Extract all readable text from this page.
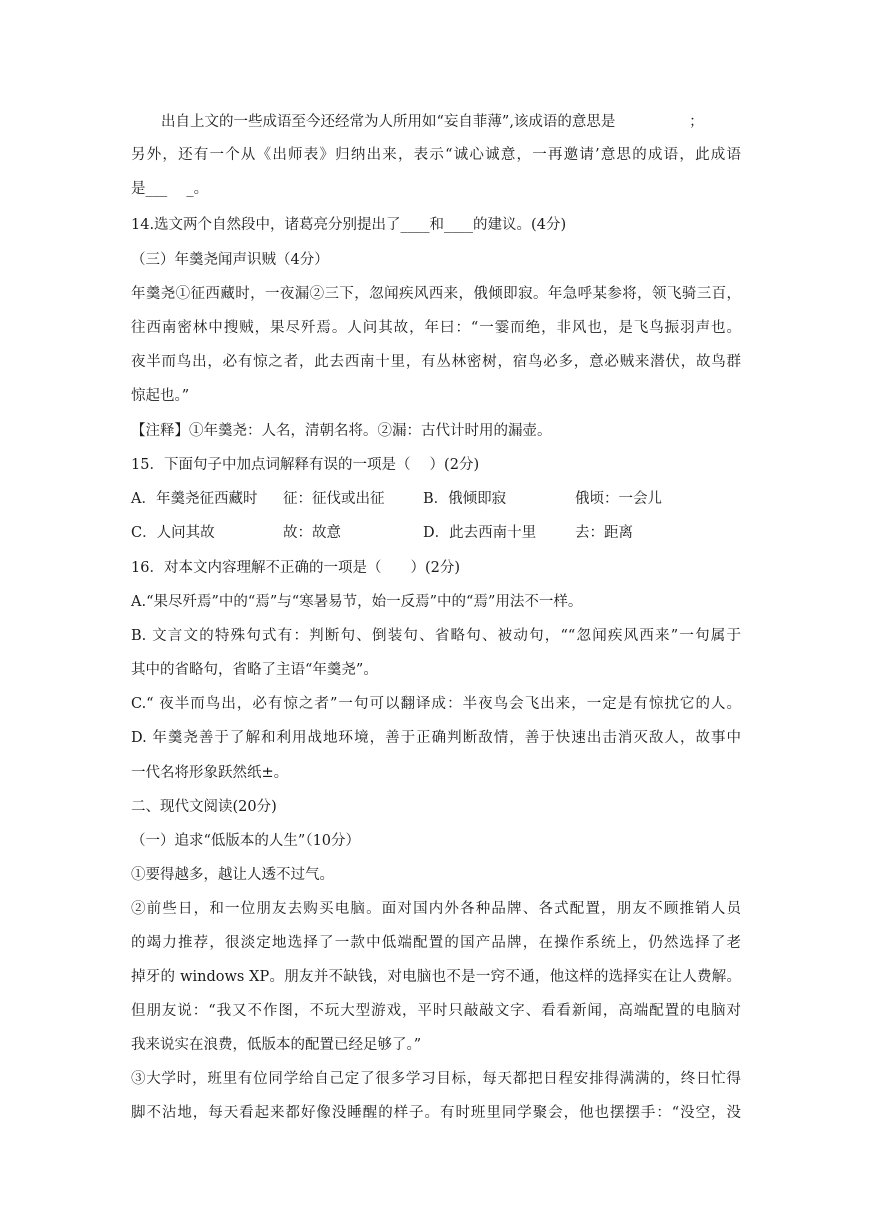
出自上文的一些成语至今还经常为人所用如“妄自菲薄”,该成语的意思是                ；
另外，还有一个从《出师表》归纳出来，表示“诚心诚意，一再邀请’意思的成语，此成语
是___　 _。
14.选文两个自然段中，诸葛亮分别提出了____和____的建议。(4分)
（三）年羹尧闻声识贼（4分）
年羹尧①征西藏时，一夜漏②三下，忽闻疾风西来，俄倾即寂。年急呼某参将，领飞骑三百，
往西南密林中搜贼，果尽歼焉。人问其故，年曰：“一霎而绝，非风也，是飞鸟振羽声也。
夜半而鸟出，必有惊之者，此去西南十里，有丛林密树，宿鸟必多，意必贼来潜伏，故鸟群
惊起也。”
【注释】①年羹尧：人名，清朝名将。②漏：古代计时用的漏壶。
15．下面句子中加点词解释有误的一项是（　 ）(2分)
A．年羹尧征西藏时 征：征伐或出征	B．俄倾即寂	俄顷：一会儿
C．人问其故	故：故意	D．此去西南十里	去：距离
16．对本文内容理解不正确的一项是（　　）(2分)
A.“果尽歼焉”中的“焉”与“寒暑易节，始一反焉”中的“焉”用法不一样。
B. 文言文的特殊句式有：判断句、倒装句、省略句、被动句，““忽闻疾风西来”一句属于
其中的省略句，省略了主语“年羹尧”。
C.“ 夜半而鸟出，必有惊之者”一句可以翻译成：半夜鸟会飞出来，一定是有惊扰它的人。
D. 年羹尧善于了解和利用战地环境，善于正确判断敌情，善于快速出击消灭敌人，故事中
一代名将形象跃然纸±。
二、现代文阅读(20分)
（一）追求“低版本的人生”（10分）
①要得越多，越让人透不过气。
②前些日，和一位朋友去购买电脑。面对国内外各种品牌、各式配置，朋友不顾推销人员
的竭力推荐，很淡定地选择了一款中低端配置的国产品牌，在操作系统上，仍然选择了老
掉牙的 windows XP。朋友并不缺钱，对电脑也不是一窍不通，他这样的选择实在让人费解。
但朋友说：“我又不作图，不玩大型游戏，平时只敲敲文字、看看新闻，高端配置的电脑对
我来说实在浪费，低版本的配置已经足够了。”
③大学时，班里有位同学给自己定了很多学习目标，每天都把日程安排得满满的，终日忙得
脚不沾地，每天看起来都好像没睡醒的样子。有时班里同学聚会，他也摆摆手：“没空，没
